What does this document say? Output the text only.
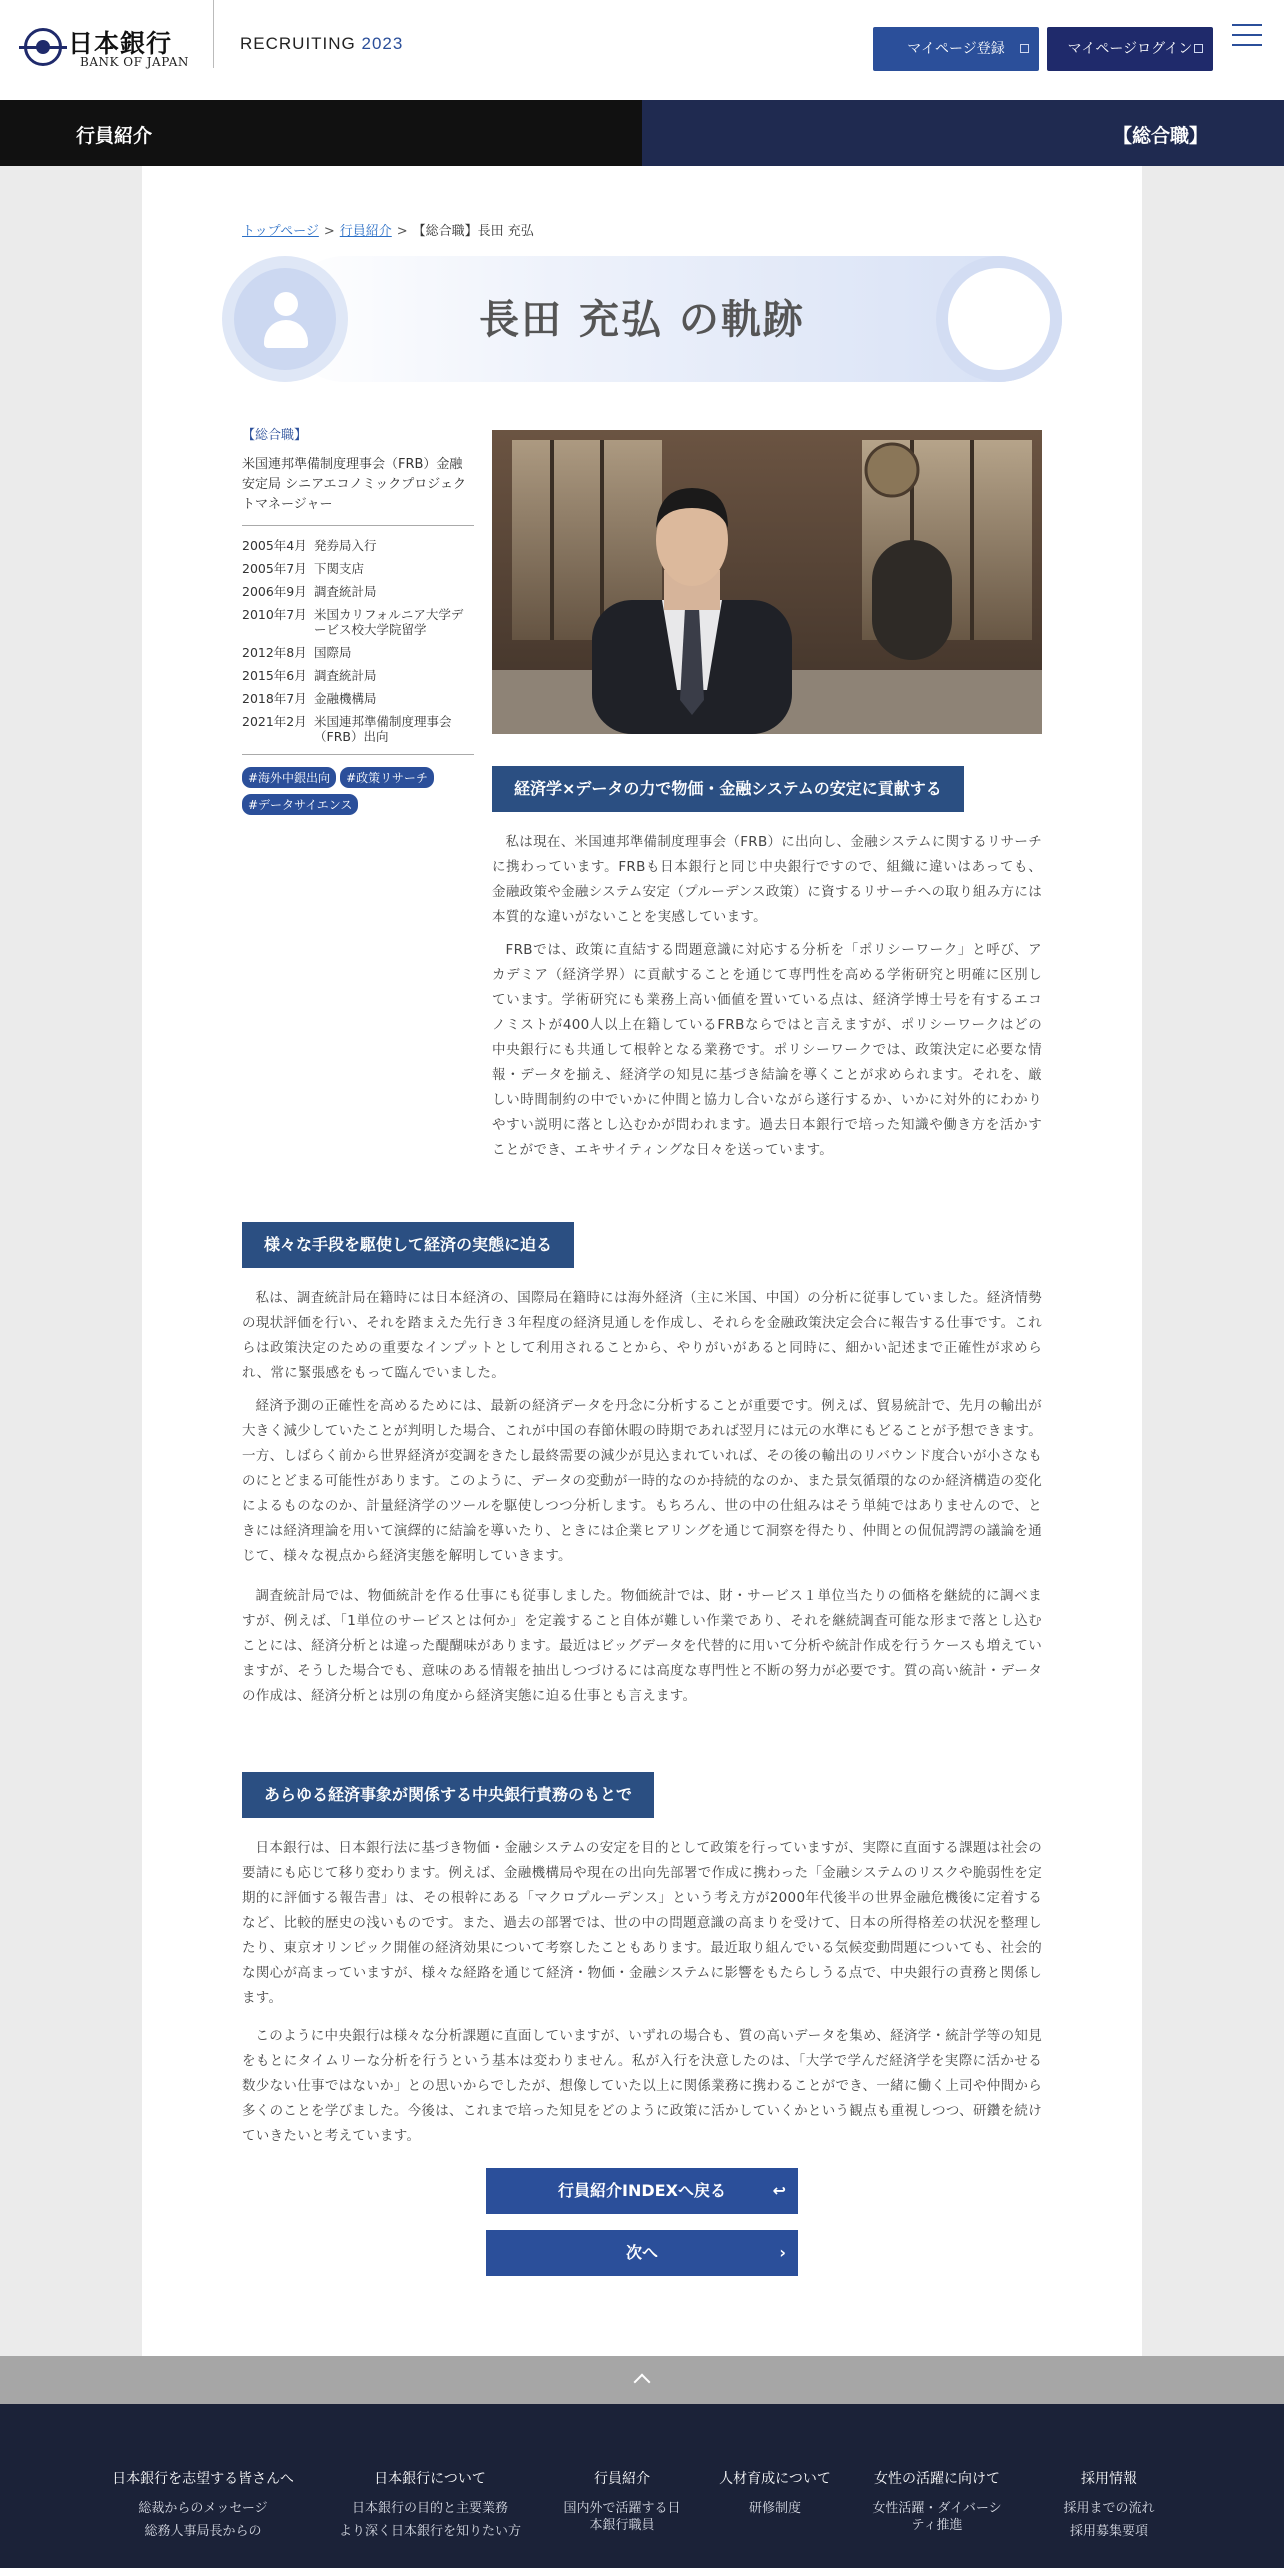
日本銀行
BANK OF JAPAN
RECRUITING 2023	マイページ登録	マイページログイン
行員紹介	【総合職】
トップページ > 行員紹介 > 【総合職】長田 充弘
長田 充弘 の軌跡
【総合職】
米国連邦準備制度理事会（FRB）金融安定局 シニアエコノミックプロジェクトマネージャー
2005年4月 発券局入行
2005年7月 下関支店
2006年9月 調査統計局
2010年7月 米国カリフォルニア大学デービス校大学院留学
2012年8月 国際局
2015年6月 調査統計局
2018年7月 金融機構局
2021年2月 米国連邦準備制度理事会（FRB）出向
#海外中銀出向 #政策リサーチ#データサイエンス
経済学×データの力で物価・金融システムの安定に貢献する
私は現在、米国連邦準備制度理事会（FRB）に出向し、金融システムに関するリサーチに携わっています。FRBも日本銀行と同じ中央銀行ですので、組織に違いはあっても、金融政策や金融システム安定（プルーデンス政策）に資するリサーチへの取り組み方には本質的な違いがないことを実感しています。
FRBでは、政策に直結する問題意識に対応する分析を「ポリシーワーク」と呼び、アカデミア（経済学界）に貢献することを通じて専門性を高める学術研究と明確に区別しています。学術研究にも業務上高い価値を置いている点は、経済学博士号を有するエコノミストが400人以上在籍しているFRBならではと言えますが、ポリシーワークはどの中央銀行にも共通して根幹となる業務です。ポリシーワークでは、政策決定に必要な情報・データを揃え、経済学の知見に基づき結論を導くことが求められます。それを、厳しい時間制約の中でいかに仲間と協力し合いながら遂行するか、いかに対外的にわかりやすい説明に落とし込むかが問われます。過去日本銀行で培った知識や働き方を活かすことができ、エキサイティングな日々を送っています。
様々な手段を駆使して経済の実態に迫る
私は、調査統計局在籍時には日本経済の、国際局在籍時には海外経済（主に米国、中国）の分析に従事していました。経済情勢の現状評価を行い、それを踏まえた先行き３年程度の経済見通しを作成し、それらを金融政策決定会合に報告する仕事です。これらは政策決定のための重要なインプットとして利用されることから、やりがいがあると同時に、細かい記述まで正確性が求められ、常に緊張感をもって臨んでいました。
経済予測の正確性を高めるためには、最新の経済データを丹念に分析することが重要です。例えば、貿易統計で、先月の輸出が大きく減少していたことが判明した場合、これが中国の春節休暇の時期であれば翌月には元の水準にもどることが予想できます。一方、しばらく前から世界経済が変調をきたし最終需要の減少が見込まれていれば、その後の輸出のリバウンド度合いが小さなものにとどまる可能性があります。このように、データの変動が一時的なのか持続的なのか、また景気循環的なのか経済構造の変化によるものなのか、計量経済学のツールを駆使しつつ分析します。もちろん、世の中の仕組みはそう単純ではありませんので、ときには経済理論を用いて演繹的に結論を導いたり、ときには企業ヒアリングを通じて洞察を得たり、仲間との侃侃諤諤の議論を通じて、様々な視点から経済実態を解明していきます。
調査統計局では、物価統計を作る仕事にも従事しました。物価統計では、財・サービス１単位当たりの価格を継続的に調べますが、例えば、「1単位のサービスとは何か」を定義すること自体が難しい作業であり、それを継続調査可能な形まで落とし込むことには、経済分析とは違った醍醐味があります。最近はビッグデータを代替的に用いて分析や統計作成を行うケースも増えていますが、そうした場合でも、意味のある情報を抽出しつづけるには高度な専門性と不断の努力が必要です。質の高い統計・データの作成は、経済分析とは別の角度から経済実態に迫る仕事とも言えます。
あらゆる経済事象が関係する中央銀行責務のもとで
日本銀行は、日本銀行法に基づき物価・金融システムの安定を目的として政策を行っていますが、実際に直面する課題は社会の要請にも応じて移り変わります。例えば、金融機構局や現在の出向先部署で作成に携わった「金融システムのリスクや脆弱性を定期的に評価する報告書」は、その根幹にある「マクロプルーデンス」という考え方が2000年代後半の世界金融危機後に定着するなど、比較的歴史の浅いものです。また、過去の部署では、世の中の問題意識の高まりを受けて、日本の所得格差の状況を整理したり、東京オリンピック開催の経済効果について考察したこともあります。最近取り組んでいる気候変動問題についても、社会的な関心が高まっていますが、様々な経路を通じて経済・物価・金融システムに影響をもたらしうる点で、中央銀行の責務と関係します。
このように中央銀行は様々な分析課題に直面していますが、いずれの場合も、質の高いデータを集め、経済学・統計学等の知見をもとにタイムリーな分析を行うという基本は変わりません。私が入行を決意したのは、「大学で学んだ経済学を実際に活かせる数少ない仕事ではないか」との思いからでしたが、想像していた以上に関係業務に携わることができ、一緒に働く上司や仲間から多くのことを学びました。今後は、これまで培った知見をどのように政策に活かしていくかという観点も重視しつつ、研鑽を続けていきたいと考えています。
行員紹介INDEXへ戻る	↩
次へ	›
日本銀行を志望する皆さんへ
総裁からのメッセージ
総務人事局長からの
日本銀行について
日本銀行の目的と主要業務
より深く日本銀行を知りたい方
行員紹介
国内外で活躍する日本銀行職員
人材育成について
研修制度
女性の活躍に向けて
女性活躍・ダイバーシティ推進
採用情報
採用までの流れ
採用募集要項
